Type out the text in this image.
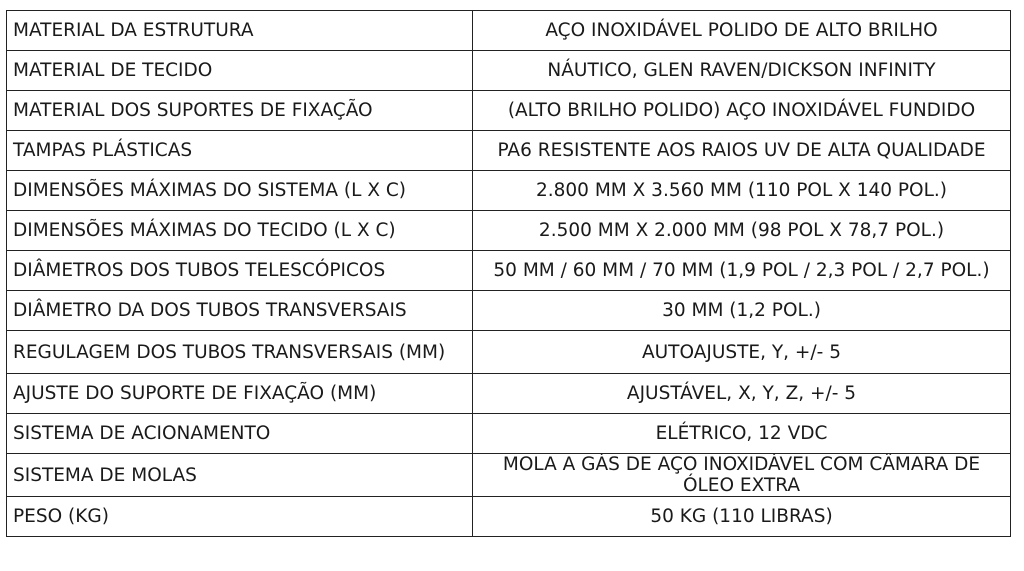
MATERIAL DA ESTRUTURA	AÇO INOXIDÁVEL POLIDO DE ALTO BRILHO
MATERIAL DE TECIDO	NÁUTICO, GLEN RAVEN/DICKSON INFINITY
MATERIAL DOS SUPORTES DE FIXAÇÃO	(ALTO BRILHO POLIDO) AÇO INOXIDÁVEL FUNDIDO
TAMPAS PLÁSTICAS	PA6 RESISTENTE AOS RAIOS UV DE ALTA QUALIDADE
DIMENSÕES MÁXIMAS DO SISTEMA (L X C)	2.800 MM X 3.560 MM (110 POL X 140 POL.)
DIMENSÕES MÁXIMAS DO TECIDO (L X C)	2.500 MM X 2.000 MM (98 POL X 78,7 POL.)
DIÂMETROS DOS TUBOS TELESCÓPICOS	50 MM / 60 MM / 70 MM (1,9 POL / 2,3 POL / 2,7 POL.)
DIÂMETRO DA DOS TUBOS TRANSVERSAIS	30 MM (1,2 POL.)
REGULAGEM DOS TUBOS TRANSVERSAIS (MM)	AUTOAJUSTE, Y, +/- 5
AJUSTE DO SUPORTE DE FIXAÇÃO (MM)	AJUSTÁVEL, X, Y, Z, +/- 5
SISTEMA DE ACIONAMENTO	ELÉTRICO, 12 VDC
SISTEMA DE MOLAS	MOLA A GÁS DE AÇO INOXIDÁVEL COM CÂMARA DE ÓLEO EXTRA
PESO (KG)	50 KG (110 LIBRAS)
